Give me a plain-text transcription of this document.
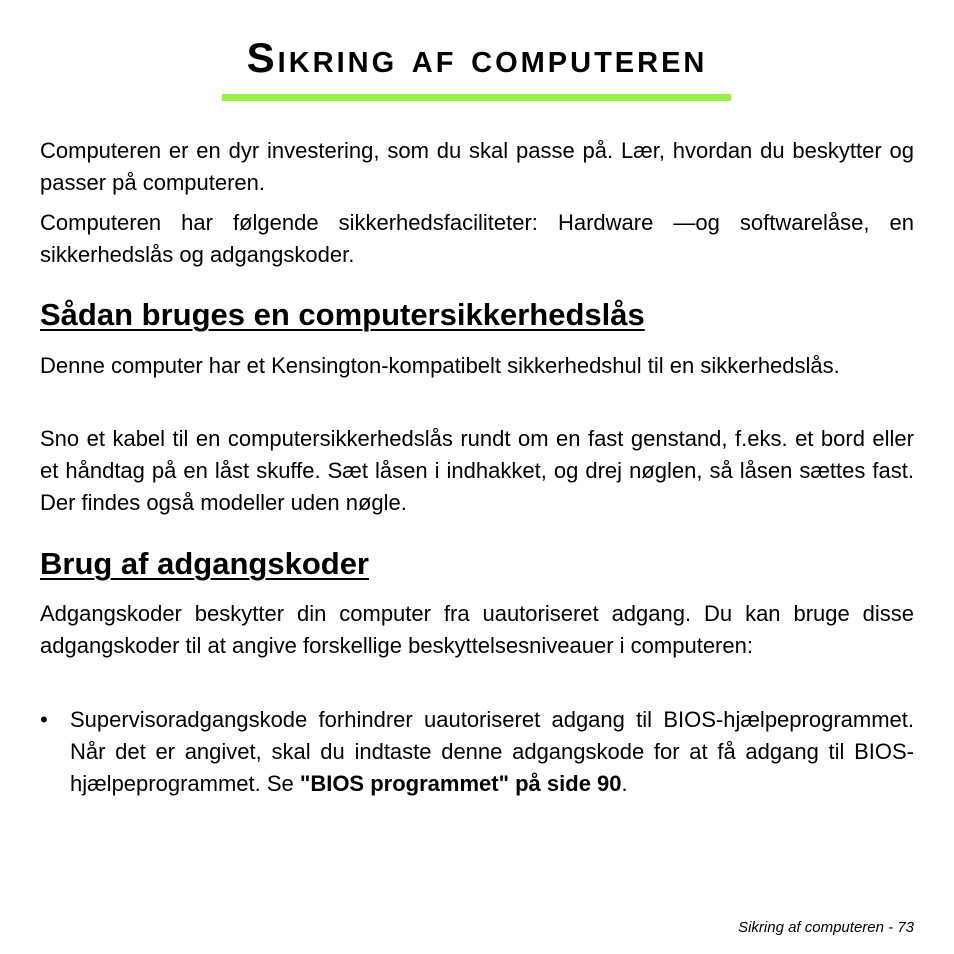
Sikring af computeren

Computeren er en dyr investering, som du skal passe på. Lær, hvordan du beskytter og passer på computeren.

Computeren har følgende sikkerhedsfaciliteter: Hardware —og softwarelåse, en sikkerhedslås og adgangskoder.

Sådan bruges en computersikkerhedslås

Denne computer har et Kensington-kompatibelt sikkerhedshul til en sikkerhedslås.

Sno et kabel til en computersikkerhedslås rundt om en fast genstand, f.eks. et bord eller et håndtag på en låst skuffe. Sæt låsen i indhakket, og drej nøglen, så låsen sættes fast. Der findes også modeller uden nøgle.

Brug af adgangskoder

Adgangskoder beskytter din computer fra uautoriseret adgang. Du kan bruge disse adgangskoder til at angive forskellige beskyttelsesniveauer i computeren:

• Supervisoradgangskode forhindrer uautoriseret adgang til BIOS-hjælpeprogrammet. Når det er angivet, skal du indtaste denne adgangskode for at få adgang til BIOS-hjælpeprogrammet. Se "BIOS programmet" på side 90.

Sikring af computeren - 73
